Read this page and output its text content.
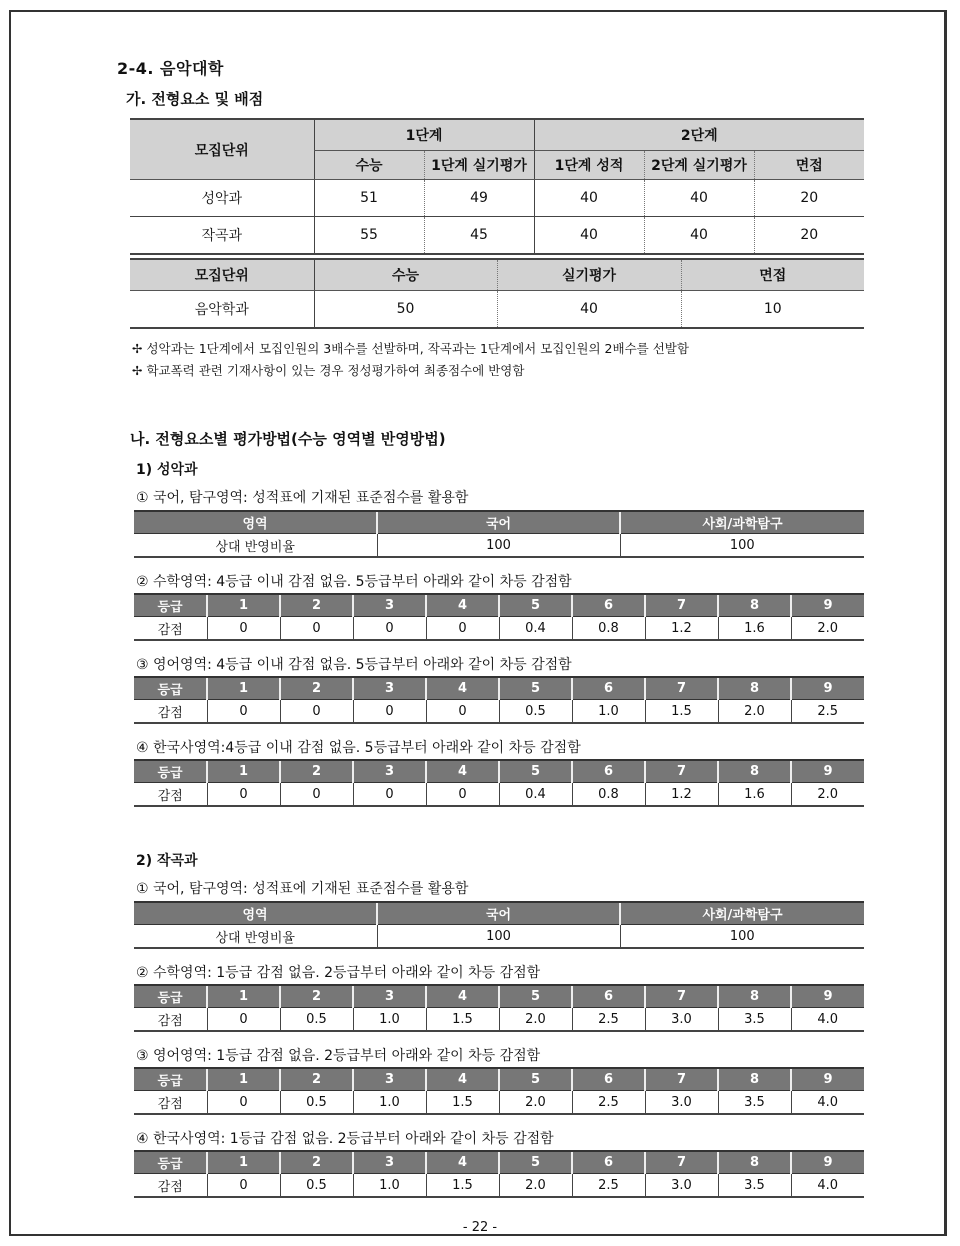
2-4. 음악대학
가. 전형요소 및 배점
모집단위	1단계		2단계		
	수능	1단계 실기평가	1단계 성적	2단계 실기평가	면접
성악과	51	49	40	40	20
작곡과	55	45	40	40	20
모집단위	수능	실기평가	면접
음악학과	50	40	10
✢ 성악과는 1단계에서 모집인원의 3배수를 선발하며, 작곡과는 1단계에서 모집인원의 2배수를 선발함
✢ 학교폭력 관련 기재사항이 있는 경우 정성평가하여 최종점수에 반영함
나. 전형요소별 평가방법(수능 영역별 반영방법)
1) 성악과
① 국어, 탐구영역: 성적표에 기재된 표준점수를 활용함
영역	국어	사회/과학탐구
상대 반영비율	100	100
② 수학영역: 4등급 이내 감점 없음. 5등급부터 아래와 같이 차등 감점함
등급	1	2	3	4	5	6	7	8	9
감점	0	0	0	0	0.4	0.8	1.2	1.6	2.0
③ 영어영역: 4등급 이내 감점 없음. 5등급부터 아래와 같이 차등 감점함
등급	1	2	3	4	5	6	7	8	9
감점	0	0	0	0	0.5	1.0	1.5	2.0	2.5
④ 한국사영역:4등급 이내 감점 없음. 5등급부터 아래와 같이 차등 감점함
등급	1	2	3	4	5	6	7	8	9
감점	0	0	0	0	0.4	0.8	1.2	1.6	2.0
2) 작곡과
① 국어, 탐구영역: 성적표에 기재된 표준점수를 활용함
영역	국어	사회/과학탐구
상대 반영비율	100	100
② 수학영역: 1등급 감점 없음. 2등급부터 아래와 같이 차등 감점함
등급	1	2	3	4	5	6	7	8	9
감점	0	0.5	1.0	1.5	2.0	2.5	3.0	3.5	4.0
③ 영어영역: 1등급 감점 없음. 2등급부터 아래와 같이 차등 감점함
등급	1	2	3	4	5	6	7	8	9
감점	0	0.5	1.0	1.5	2.0	2.5	3.0	3.5	4.0
④ 한국사영역: 1등급 감점 없음. 2등급부터 아래와 같이 차등 감점함
등급	1	2	3	4	5	6	7	8	9
감점	0	0.5	1.0	1.5	2.0	2.5	3.0	3.5	4.0
- 22 -
